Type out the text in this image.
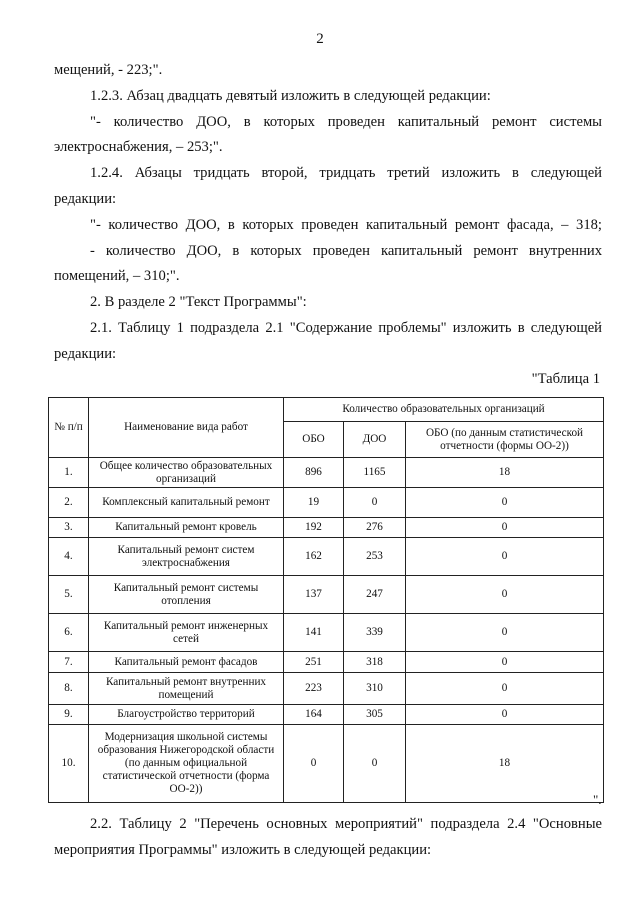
2

мещений, - 223;".

1.2.3. Абзац двадцать девятый изложить в следующей редакции:

"- количество ДОО, в которых проведен капитальный ремонт системы электроснабжения, – 253;".

1.2.4. Абзацы тридцать второй, тридцать третий изложить в следующей редакции:

"- количество ДОО, в которых проведен капитальный ремонт фасада, – 318;

- количество ДОО, в которых проведен капитальный ремонт внутренних помещений, – 310;".

2. В разделе 2 "Текст Программы":

2.1. Таблицу 1 подраздела 2.1 "Содержание проблемы" изложить в следующей редакции:

"Таблица 1
№ п/п	Наименование вида работ	Количество образовательных организаций		
		ОБО	ДОО	ОБО (по данным статистической отчетности (формы ОО-2))
1.	Общее количество образовательных организаций	896	1165	18
2.	Комплексный капитальный ремонт	19	0	0
3.	Капитальный ремонт кровель	192	276	0
4.	Капитальный ремонт систем электроснабжения	162	253	0
5.	Капитальный ремонт системы отопления	137	247	0
6.	Капитальный ремонт инженерных сетей	141	339	0
7.	Капитальный ремонт фасадов	251	318	0
8.	Капитальный ремонт внутренних помещений	223	310	0
9.	Благоустройство территорий	164	305	0
10.	Модернизация школьной системы образования Нижегородской области (по данным официальной статистической отчетности (форма ОО-2))	0	0	18
".

2.2. Таблицу 2 "Перечень основных мероприятий" подраздела 2.4 "Основные мероприятия Программы" изложить в следующей редакции:
